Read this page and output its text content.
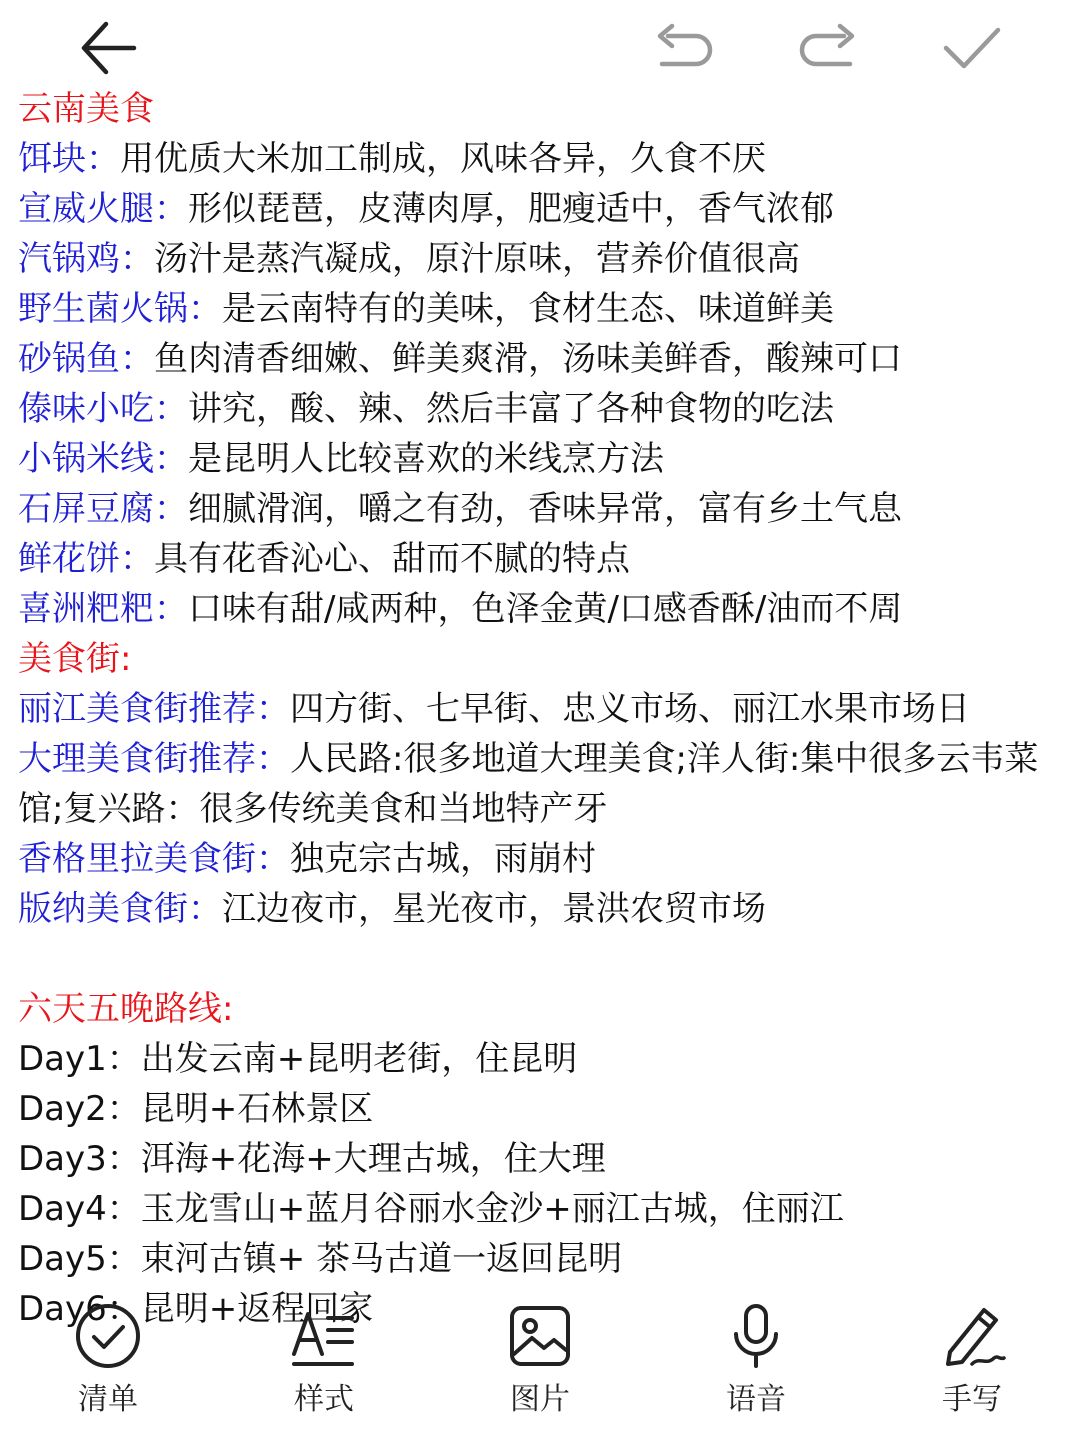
云南美食
饵块：用优质大米加工制成，风味各异，久食不厌
宣威火腿：形似琵琶，皮薄肉厚，肥瘦适中，香气浓郁
汽锅鸡：汤汁是蒸汽凝成，原汁原味，营养价值很高
野生菌火锅：是云南特有的美味，食材生态、味道鲜美
砂锅鱼：鱼肉清香细嫩、鲜美爽滑，汤味美鲜香，酸辣可口
傣味小吃：讲究，酸、辣、然后丰富了各种食物的吃法
小锅米线：是昆明人比较喜欢的米线烹方法
石屏豆腐：细腻滑润，嚼之有劲，香味异常，富有乡土气息
鲜花饼：具有花香沁心、甜而不腻的特点
喜洲粑粑：口味有甜/咸两种，色泽金黄/口感香酥/油而不周
美食街:
丽江美食街推荐：四方街、七早街、忠义市场、丽江水果市场日
大理美食街推荐：人民路:很多地道大理美食;洋人街:集中很多云韦菜馆;复兴路：很多传统美食和当地特产牙
香格里拉美食街：独克宗古城，雨崩村
版纳美食街：江边夜市，星光夜市，景洪农贸市场
六天五晚路线:
Day1：出发云南+昆明老街，住昆明
Day2：昆明+石林景区
Day3：洱海+花海+大理古城，住大理
Day4：玉龙雪山+蓝月谷丽水金沙+丽江古城，住丽江
Day5：束河古镇+ 茶马古道一返回昆明
Day6：昆明+返程回家
清单	样式	图片	语音	手写
